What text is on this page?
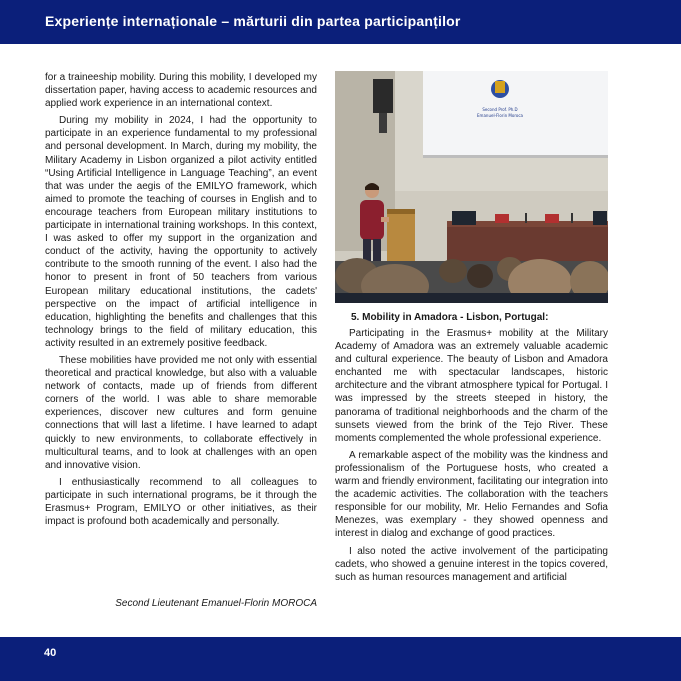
Experiențe internaționale – mărturii din partea participanților

for a traineeship mobility. During this mobility, I developed my dissertation paper, having access to academic resources and applied work experience in an international context.

During my mobility in 2024, I had the opportunity to participate in an experience fundamental to my professional and personal development. In March, during my mobility, the Military Academy in Lisbon organized a pilot activity entitled “Using Artificial Intelligence in Language Teaching”, an event that was under the aegis of the EMILYO framework, which aimed to promote the teaching of courses in English and to encourage teachers from European military institutions to participate in international training workshops. In this context, I was asked to offer my support in the organization and conduct of the activity, having the opportunity to actively contribute to the smooth running of the event. I also had the honor to present in front of 50 teachers from various European military educational institutions, the cadets' perspective on the impact of artificial intelligence in education, highlighting the benefits and challenges that this technology brings to the field of military education, this activity resulted in an extremely positive feedback.

These mobilities have provided me not only with essential theoretical and practical knowledge, but also with a valuable network of contacts, made up of friends from different corners of the world. I was able to share memorable experiences, discover new cultures and form genuine connections that will last a lifetime. I have learned to adapt quickly to new environments, to collaborate effectively in multicultural teams, and to look at challenges with an open and innovative vision.

I enthusiastically recommend to all colleagues to participate in such international programs, be it through the Erasmus+ Program, EMILYO or other initiatives, as their impact is profound both academically and personally.

Second Lieutenant Emanuel-Florin MOROCA
Second Prof. Ph.D
Emanuel-Florin Moroca
5. Mobility in Amadora - Lisbon, Portugal:

Participating in the Erasmus+ mobility at the Military Academy of Amadora was an extremely valuable academic and cultural experience. The beauty of Lisbon and Amadora enchanted me with spectacular landscapes, historic architecture and the vibrant atmosphere typical for Portugal. I was impressed by the streets steeped in history, the panorama of traditional neighborhoods and the charm of the sunsets viewed from the brink of the Tejo River. These moments complemented the whole professional experience.

A remarkable aspect of the mobility was the kindness and professionalism of the Portuguese hosts, who created a warm and friendly environment, facilitating our integration into the academic activities. The collaboration with the teachers responsible for our mobility, Mr. Helio Fernandes and Sofia Menezes, was exemplary - they showed openness and interest in dialog and exchange of good practices.

I also noted the active involvement of the participating cadets, who showed a genuine interest in the topics covered, such as human resources management and artificial

40
